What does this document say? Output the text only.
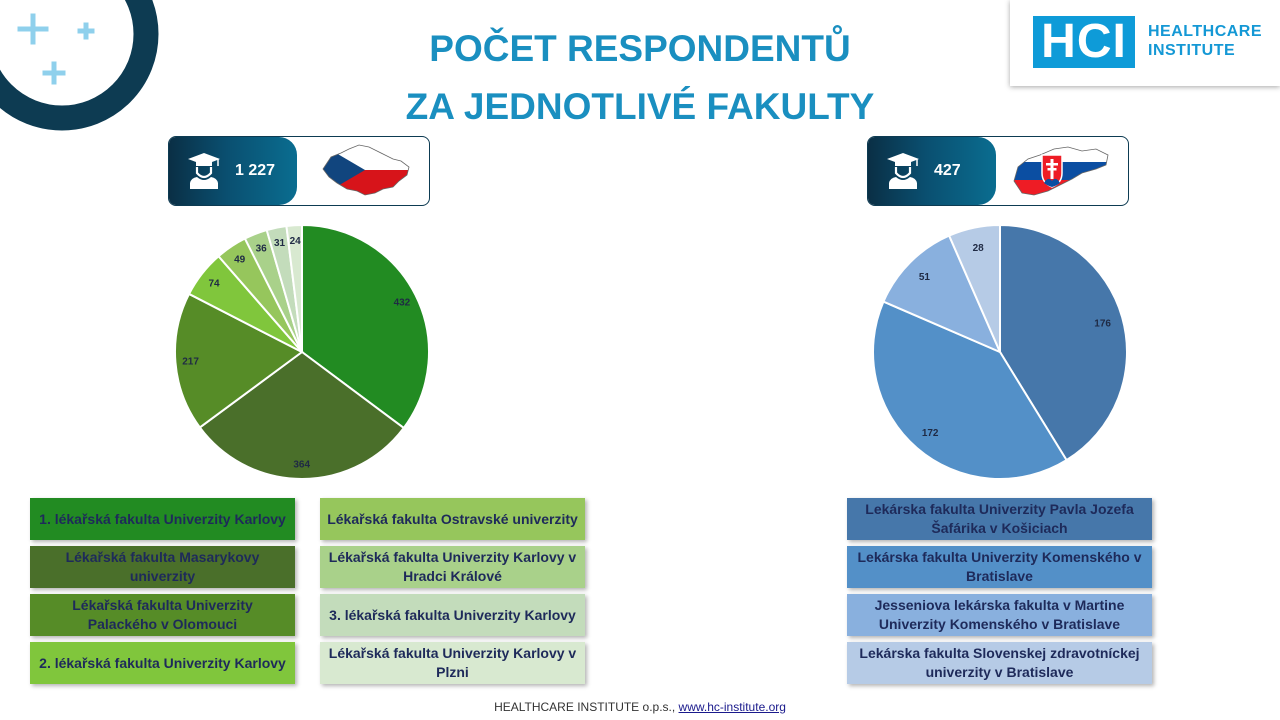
POČET RESPONDENTŮ
ZA JEDNOTLIVÉ FAKULTY
HCI	HEALTHCARE
INSTITUTE
1 227	427
432
364
217
74
49
36 31 24
176
172
51
28
1. lékařská fakulta Univerzity Karlovy
Lékařská fakulta Masarykovy univerzity
Lékařská fakulta Univerzity Palackého v Olomouci
2. lékařská fakulta Univerzity Karlovy
Lékařská fakulta Ostravské univerzity
Lékařská fakulta Univerzity Karlovy v Hradci Králové
3. lékařská fakulta Univerzity Karlovy
Lékařská fakulta Univerzity Karlovy v Plzni
Lekárska fakulta Univerzity Pavla Jozefa Šafárika v Košiciach
Lekárska fakulta Univerzity Komenského v Bratislave
Jesseniova lekárska fakulta v Martine Univerzity Komenského v Bratislave
Lekárska fakulta Slovenskej zdravotníckej univerzity v Bratislave
HEALTHCARE INSTITUTE o.p.s., www.hc-institute.org
